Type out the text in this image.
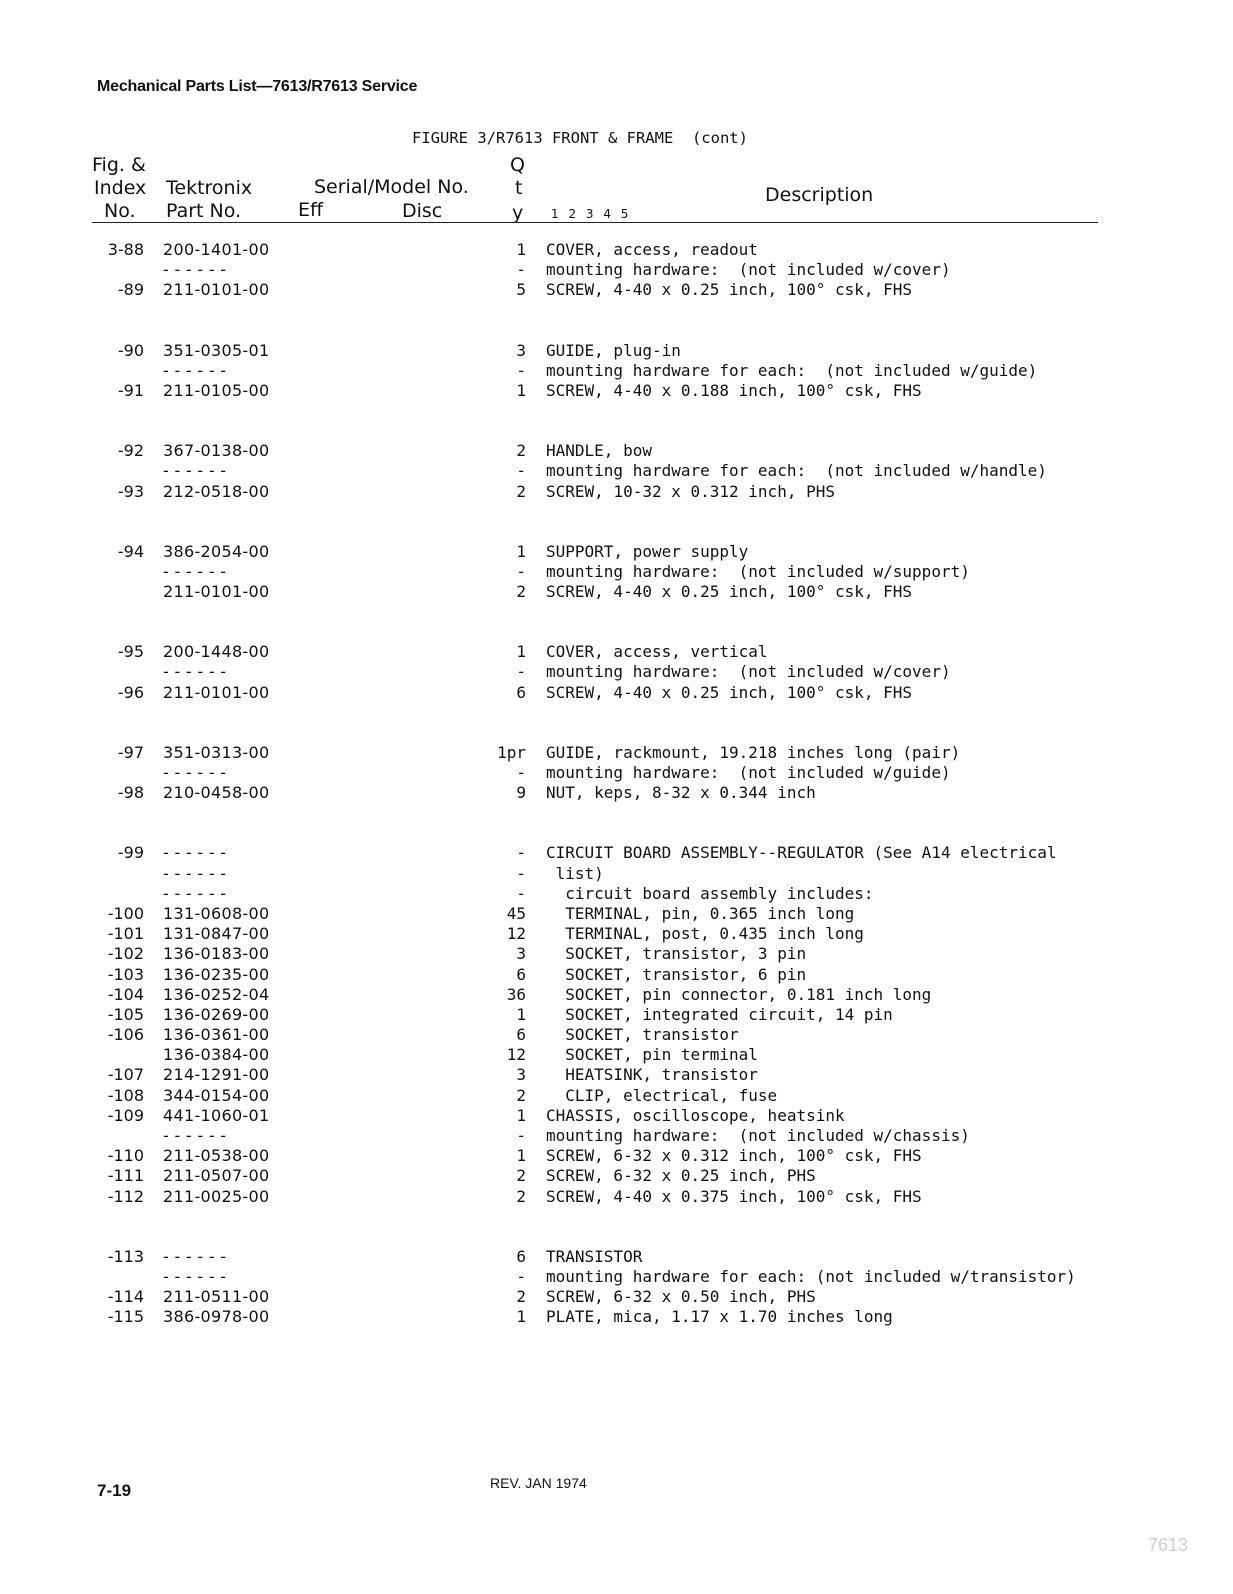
Mechanical Parts List—7613/R7613 Service
FIGURE 3/R7613 FRONT & FRAME  (cont)
Fig. &
Index
No.
Tektronix
Part No.
Serial/Model No.
Eff	Disc
Q
t
y 1 2 3 4 5
Description
3-88 200-1401-00	1 COVER, access, readout
- - - - - -	- mounting hardware:  (not included w/cover)
-89 211-0101-00	5 SCREW, 4-40 x 0.25 inch, 100° csk, FHS
-90 351-0305-01	3 GUIDE, plug-in
- - - - - -	- mounting hardware for each:  (not included w/guide)
-91 211-0105-00	1 SCREW, 4-40 x 0.188 inch, 100° csk, FHS
-92 367-0138-00	2 HANDLE, bow
- - - - - -	- mounting hardware for each:  (not included w/handle)
-93 212-0518-00	2 SCREW, 10-32 x 0.312 inch, PHS
-94 386-2054-00	1 SUPPORT, power supply
- - - - - -	- mounting hardware:  (not included w/support)
211-0101-00	2 SCREW, 4-40 x 0.25 inch, 100° csk, FHS
-95 200-1448-00	1 COVER, access, vertical
- - - - - -	- mounting hardware:  (not included w/cover)
-96 211-0101-00	6 SCREW, 4-40 x 0.25 inch, 100° csk, FHS
-97 351-0313-00	1pr GUIDE, rackmount, 19.218 inches long (pair)
- - - - - -	- mounting hardware:  (not included w/guide)
-98 210-0458-00	9 NUT, keps, 8-32 x 0.344 inch
-99 - - - - - -	- CIRCUIT BOARD ASSEMBLY--REGULATOR (See A14 electrical
- - - - - -	- list)
- - - - - -	- circuit board assembly includes:
-100 131-0608-00	45 TERMINAL, pin, 0.365 inch long
-101 131-0847-00	12 TERMINAL, post, 0.435 inch long
-102 136-0183-00	3 SOCKET, transistor, 3 pin
-103 136-0235-00	6 SOCKET, transistor, 6 pin
-104 136-0252-04	36 SOCKET, pin connector, 0.181 inch long
-105 136-0269-00	1 SOCKET, integrated circuit, 14 pin
-106 136-0361-00	6 SOCKET, transistor
136-0384-00	12 SOCKET, pin terminal
-107 214-1291-00	3 HEATSINK, transistor
-108 344-0154-00	2 CLIP, electrical, fuse
-109 441-1060-01	1 CHASSIS, oscilloscope, heatsink
- - - - - -	- mounting hardware:  (not included w/chassis)
-110 211-0538-00	1 SCREW, 6-32 x 0.312 inch, 100° csk, FHS
-111 211-0507-00	2 SCREW, 6-32 x 0.25 inch, PHS
-112 211-0025-00	2 SCREW, 4-40 x 0.375 inch, 100° csk, FHS
-113 - - - - - -	6 TRANSISTOR
- - - - - -	- mounting hardware for each: (not included w/transistor)
-114 211-0511-00	2 SCREW, 6-32 x 0.50 inch, PHS
-115 386-0978-00	1 PLATE, mica, 1.17 x 1.70 inches long
7-19	REV. JAN 1974
7613
